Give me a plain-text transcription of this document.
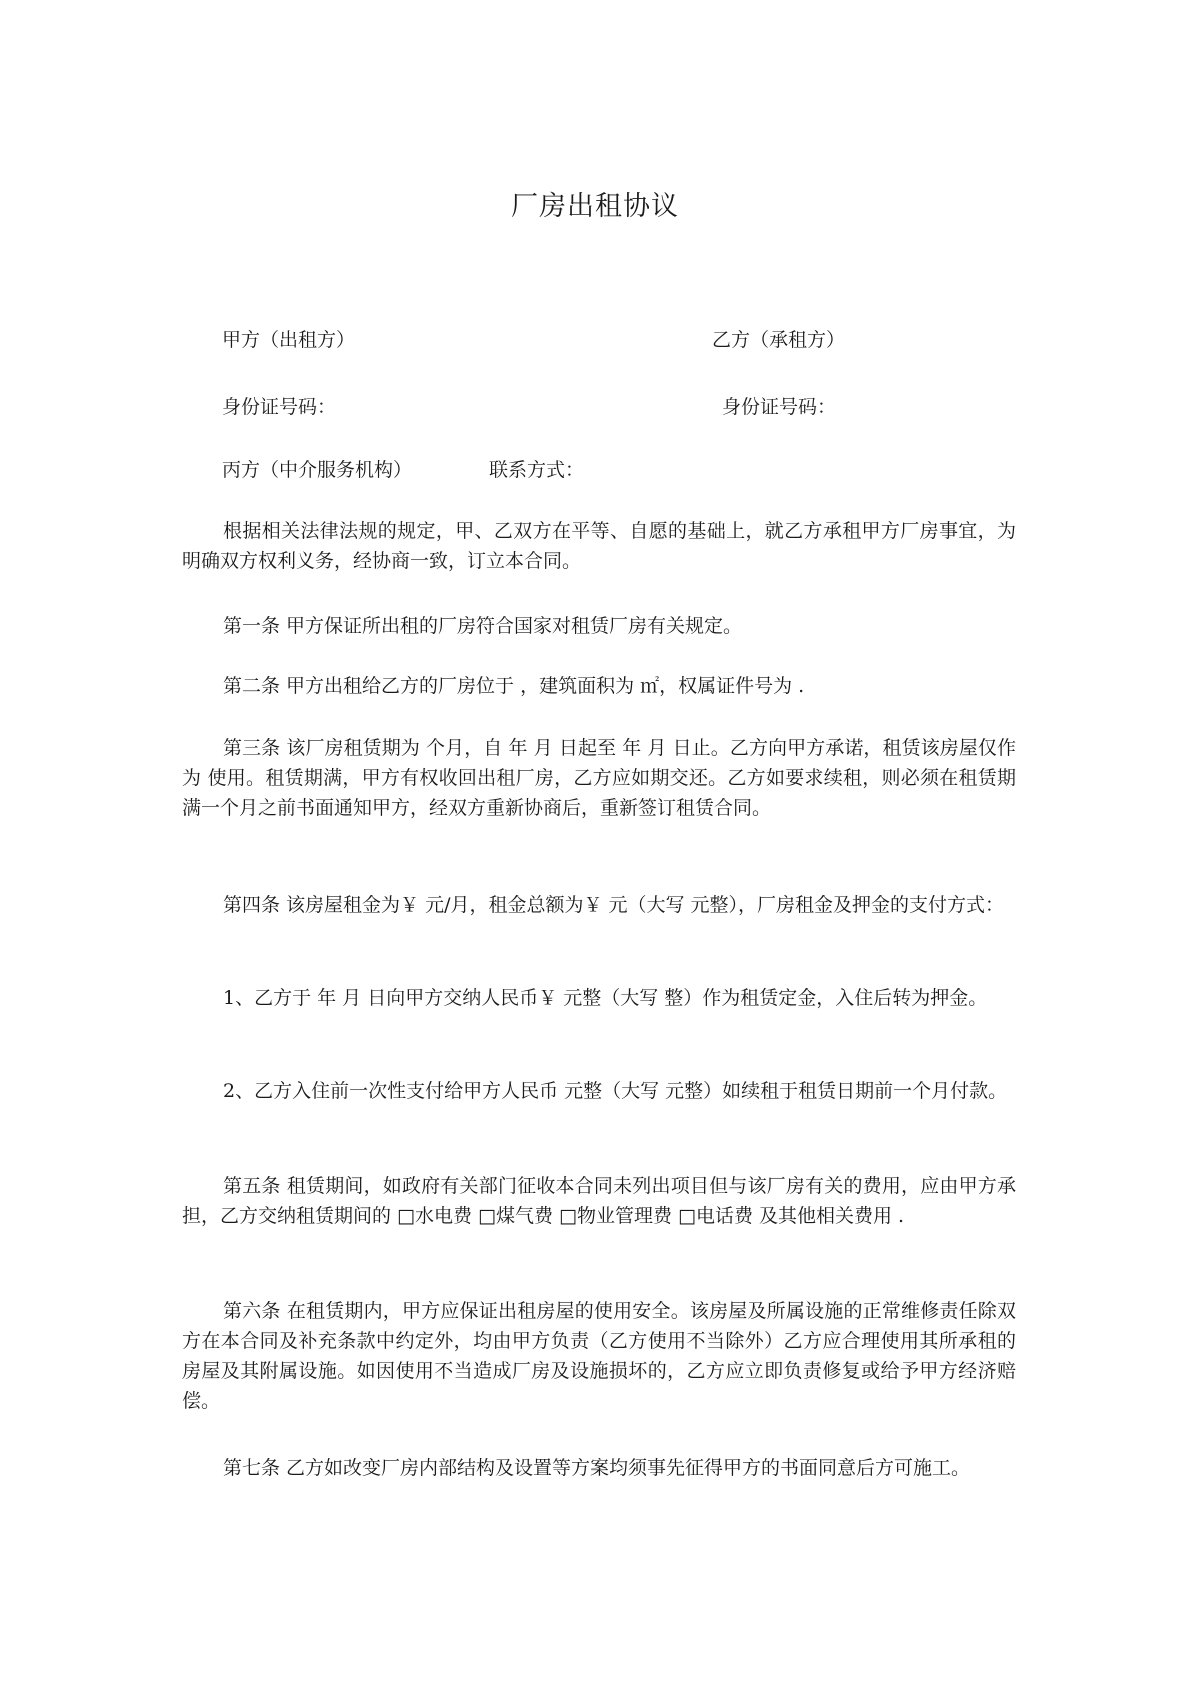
厂房出租协议
甲方（出租方）	乙方（承租方）
身份证号码：	身份证号码：
丙方（中介服务机构）	联系方式：
根据相关法律法规的规定，甲、乙双方在平等、自愿的基础上，就乙方承租甲方厂房事宜，为明确双方权利义务，经协商一致，订立本合同。
第一条 甲方保证所出租的厂房符合国家对租赁厂房有关规定。
第二条 甲方出租给乙方的厂房位于 ，建筑面积为 ㎡，权属证件号为 .
第三条 该厂房租赁期为 个月，自 年 月 日起至 年 月 日止。乙方向甲方承诺，租赁该房屋仅作为 使用。租赁期满，甲方有权收回出租厂房，乙方应如期交还。乙方如要求续租，则必须在租赁期满一个月之前书面通知甲方，经双方重新协商后，重新签订租赁合同。
第四条 该房屋租金为￥ 元/月，租金总额为￥ 元（大写 元整），厂房租金及押金的支付方式：
1、乙方于 年 月 日向甲方交纳人民币￥ 元整（大写 整）作为租赁定金，入住后转为押金。
2、乙方入住前一次性支付给甲方人民币 元整（大写 元整）如续租于租赁日期前一个月付款。
第五条 租赁期间，如政府有关部门征收本合同未列出项目但与该厂房有关的费用，应由甲方承担，乙方交纳租赁期间的 □水电费 □煤气费 □物业管理费 □电话费 及其他相关费用 .
第六条 在租赁期内，甲方应保证出租房屋的使用安全。该房屋及所属设施的正常维修责任除双方在本合同及补充条款中约定外，均由甲方负责（乙方使用不当除外）乙方应合理使用其所承租的房屋及其附属设施。如因使用不当造成厂房及设施损坏的，乙方应立即负责修复或给予甲方经济赔偿。
第七条 乙方如改变厂房内部结构及设置等方案均须事先征得甲方的书面同意后方可施工。
